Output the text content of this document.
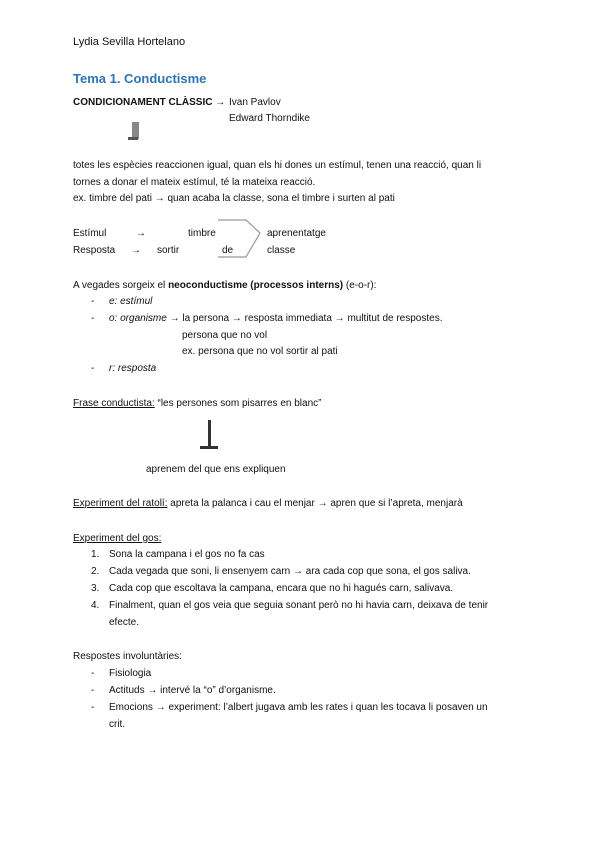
Lydia Sevilla Hortelano
Tema 1. Conductisme
CONDICIONAMENT CLÀSSIC → Ivan Pavlov
Edward Thorndike
totes les espècies reaccionen igual, quan els hi dones un estímul, tenen una reacció, quan li
tornes a donar el mateix estímul, té la mateixa reacció.
ex. timbre del pati → quan acaba la classe, sona el timbre i surten al pati
Estímul	→	timbre	aprenentatge
Resposta → sortir	de	classe
A vegades sorgeix el neoconductisme (processos interns) (e-o-r):
- e: estímul
- o: organisme → la persona → resposta immediata → multitut de respostes.
persona que no vol
ex. persona que no vol sortir al pati
- r: resposta
Frase conductista: “les persones som pisarres en blanc”
aprenem del que ens expliquen
Experiment del ratolí: apreta la palanca i cau el menjar → apren que si l’apreta, menjarà
Experiment del gos:
1. Sona la campana i el gos no fa cas
2. Cada vegada que soni, li ensenyem carn → ara cada cop que sona, el gos saliva.
3. Cada cop que escoltava la campana, encara que no hi hagués carn, salivava.
4. Finalment, quan el gos veia que seguia sonant però no hi havia carn, deixava de tenir
efecte.
Respostes involuntàries:
- Fisiologia
- Actituds → intervé la “o” d’organisme.
- Emocions → experiment: l’albert jugava amb les rates i quan les tocava li posaven un
crit.
